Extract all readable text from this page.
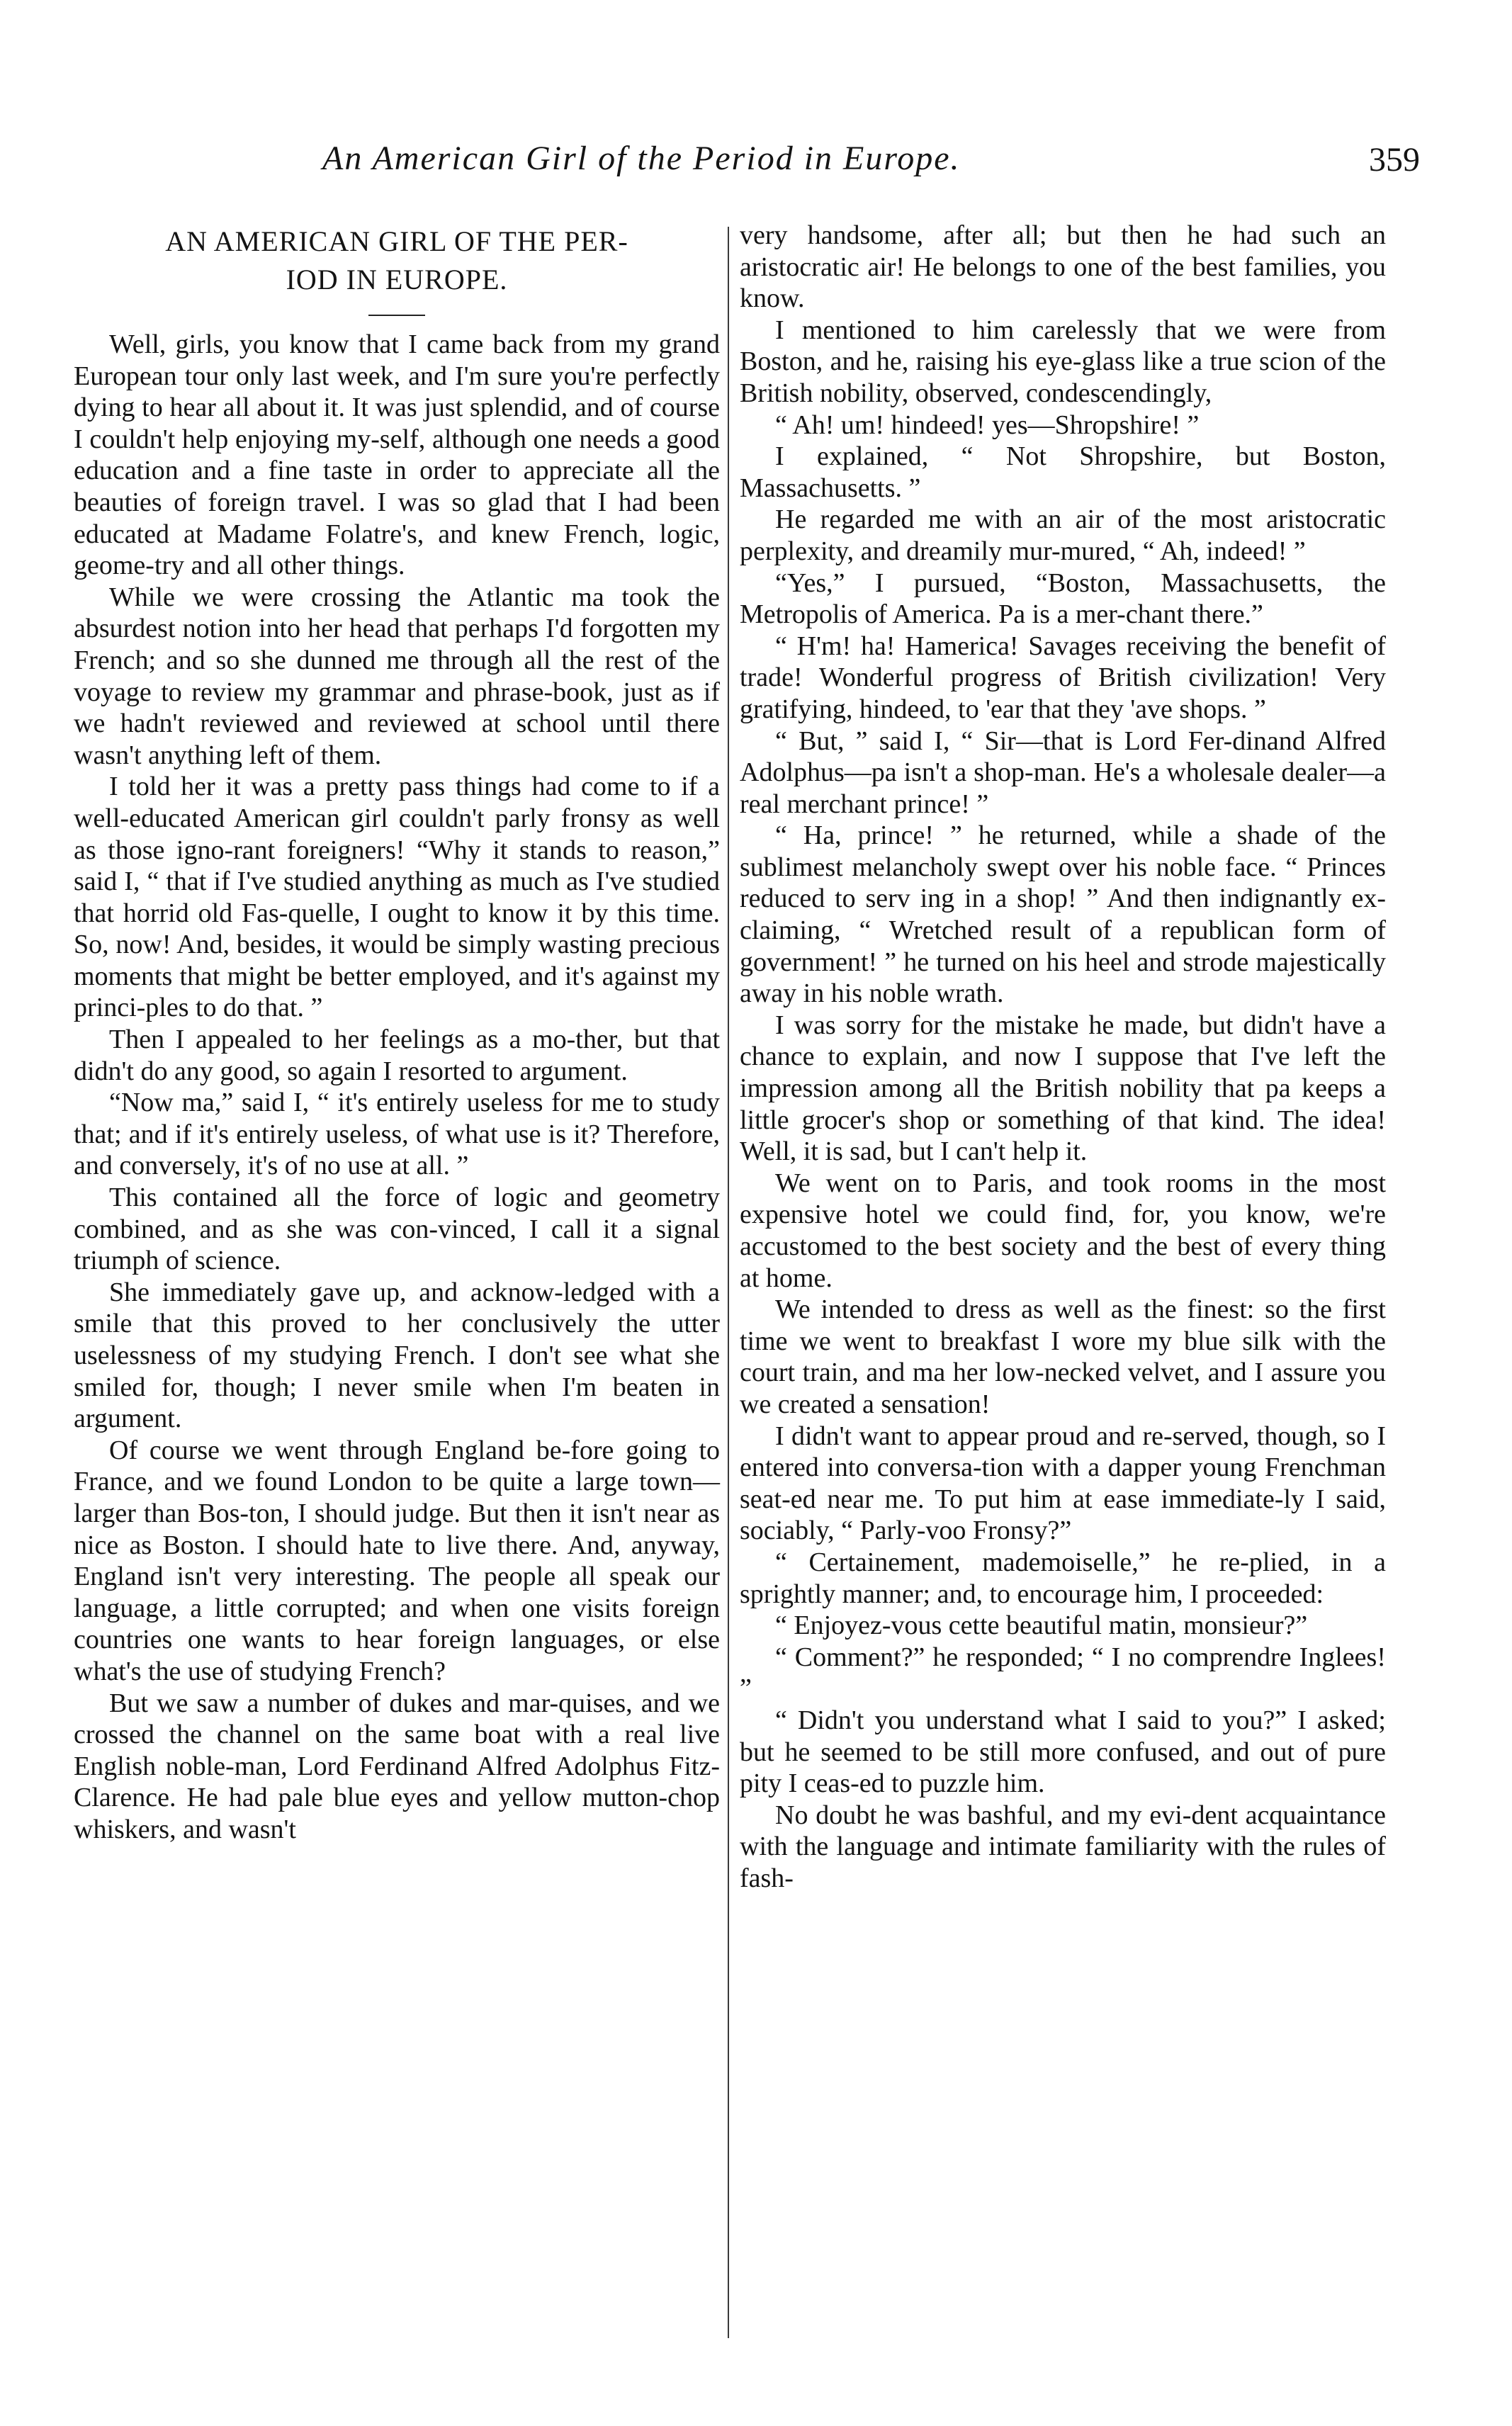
An American Girl of the Period in Europe.	359
AN AMERICAN GIRL OF THE PER-
IOD IN EUROPE.

Well, girls, you know that I came back from my grand European tour only last week, and I'm sure you're perfectly dying to hear all about it. It was just splendid, and of course I couldn't help enjoying my-self, although one needs a good education and a fine taste in order to appreciate all the beauties of foreign travel. I was so glad that I had been educated at Madame Folatre's, and knew French, logic, geome-try and all other things.

While we were crossing the Atlantic ma took the absurdest notion into her head that perhaps I'd forgotten my French; and so she dunned me through all the rest of the voyage to review my grammar and phrase-book, just as if we hadn't reviewed and reviewed at school until there wasn't anything left of them.

I told her it was a pretty pass things had come to if a well-educated American girl couldn't parly fronsy as well as those igno-rant foreigners! “Why it stands to reason,” said I, “ that if I've studied anything as much as I've studied that horrid old Fas-quelle, I ought to know it by this time. So, now! And, besides, it would be simply wasting precious moments that might be better employed, and it's against my princi-ples to do that. ”

Then I appealed to her feelings as a mo-ther, but that didn't do any good, so again I resorted to argument.

“Now ma,” said I, “ it's entirely useless for me to study that; and if it's entirely useless, of what use is it? Therefore, and conversely, it's of no use at all. ”

This contained all the force of logic and geometry combined, and as she was con-vinced, I call it a signal triumph of science.

She immediately gave up, and acknow-ledged with a smile that this proved to her conclusively the utter uselessness of my studying French. I don't see what she smiled for, though; I never smile when I'm beaten in argument.

Of course we went through England be-fore going to France, and we found London to be quite a large town—larger than Bos-ton, I should judge. But then it isn't near as nice as Boston. I should hate to live there. And, anyway, England isn't very interesting. The people all speak our language, a little corrupted; and when one visits foreign countries one wants to hear foreign languages, or else what's the use of studying French?

But we saw a number of dukes and mar-quises, and we crossed the channel on the same boat with a real live English noble-man, Lord Ferdinand Alfred Adolphus Fitz-Clarence. He had pale blue eyes and yellow mutton-chop whiskers, and wasn't

very handsome, after all; but then he had such an aristocratic air! He belongs to one of the best families, you know.

I mentioned to him carelessly that we were from Boston, and he, raising his eye-glass like a true scion of the British nobility, observed, condescendingly,

“ Ah! um! hindeed! yes—Shropshire! ”

I explained, “ Not Shropshire, but Boston, Massachusetts. ”

He regarded me with an air of the most aristocratic perplexity, and dreamily mur-mured, “ Ah, indeed! ”

“Yes,” I pursued, “Boston, Massachusetts, the Metropolis of America. Pa is a mer-chant there.”

“ H'm! ha! Hamerica! Savages receiving the benefit of trade! Wonderful progress of British civilization! Very gratifying, hindeed, to 'ear that they 'ave shops. ”

“ But, ” said I, “ Sir—that is Lord Fer-dinand Alfred Adolphus—pa isn't a shop-man. He's a wholesale dealer—a real merchant prince! ”

“ Ha, prince! ” he returned, while a shade of the sublimest melancholy swept over his noble face. “ Princes reduced to serv ing in a shop! ” And then indignantly ex-claiming, “ Wretched result of a republican form of government! ” he turned on his heel and strode majestically away in his noble wrath.

I was sorry for the mistake he made, but didn't have a chance to explain, and now I suppose that I've left the impression among all the British nobility that pa keeps a little grocer's shop or something of that kind. The idea! Well, it is sad, but I can't help it.

We went on to Paris, and took rooms in the most expensive hotel we could find, for, you know, we're accustomed to the best society and the best of every thing at home.

We intended to dress as well as the finest: so the first time we went to breakfast I wore my blue silk with the court train, and ma her low-necked velvet, and I assure you we created a sensation!

I didn't want to appear proud and re-served, though, so I entered into conversa-tion with a dapper young Frenchman seat-ed near me. To put him at ease immediate-ly I said, sociably, “ Parly-voo Fronsy?”

“ Certainement, mademoiselle,” he re-plied, in a sprightly manner; and, to encourage him, I proceeded:

“ Enjoyez-vous cette beautiful matin, monsieur?”

“ Comment?” he responded; “ I no comprendre Inglees! ”

“ Didn't you understand what I said to you?” I asked; but he seemed to be still more confused, and out of pure pity I ceas-ed to puzzle him.

No doubt he was bashful, and my evi-dent acquaintance with the language and intimate familiarity with the rules of fash-
